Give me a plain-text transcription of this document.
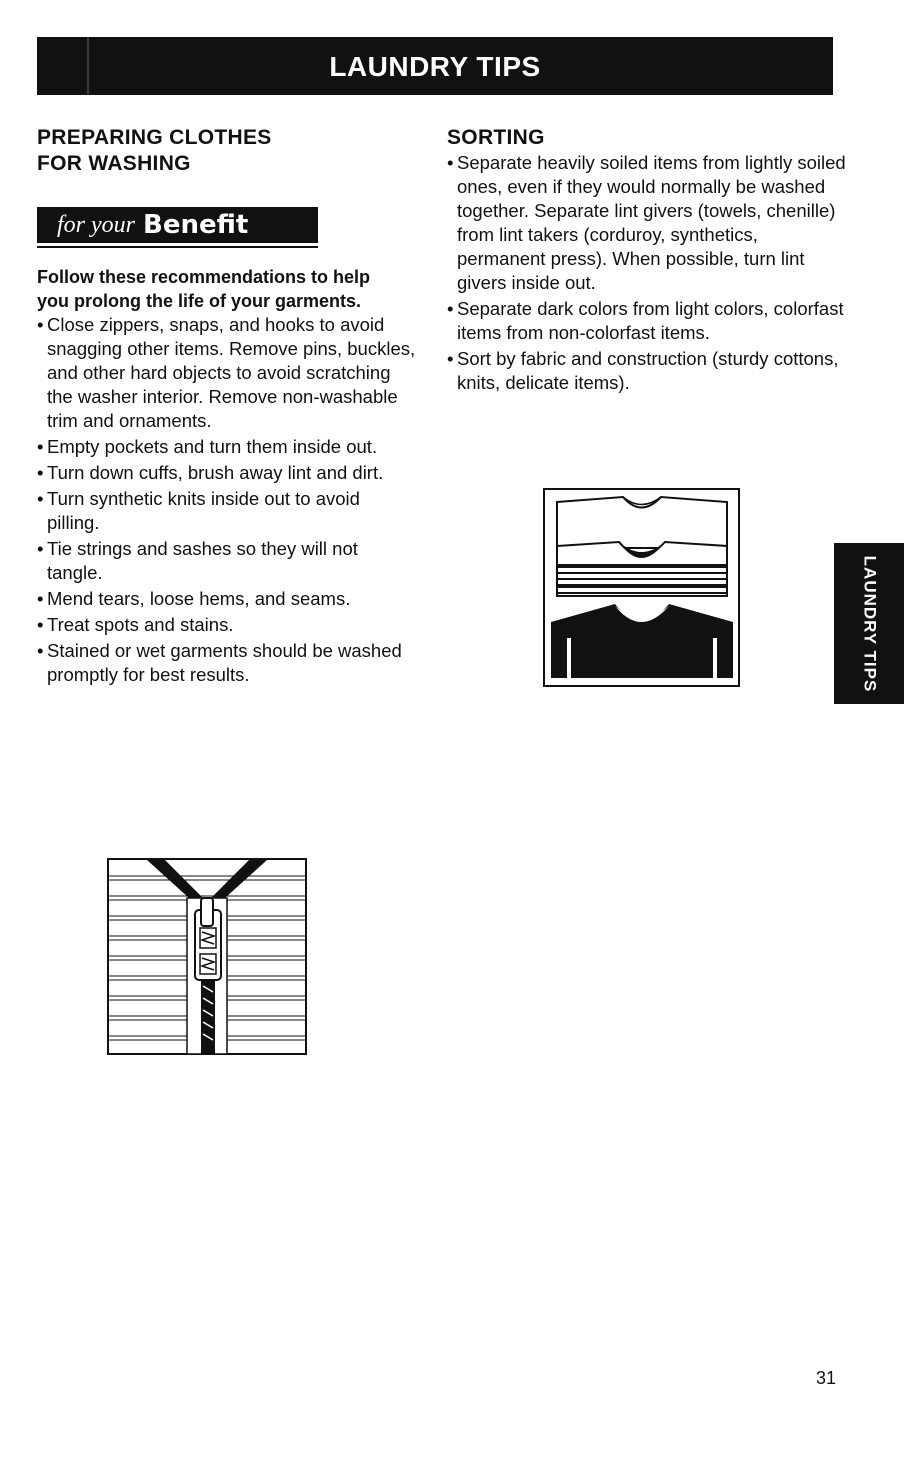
LAUNDRY TIPS
PREPARING CLOTHES
FOR WASHING
for your Benefit
Follow these recommendations to help you prolong the life of your garments.
• Close zippers, snaps, and hooks to avoid snagging other items. Remove pins, buckles, and other hard objects to avoid scratching the washer interior. Remove non-washable trim and ornaments.
• Empty pockets and turn them inside out.
• Turn down cuffs, brush away lint and dirt.
• Turn synthetic knits inside out to avoid pilling.
• Tie strings and sashes so they will not tangle.
• Mend tears, loose hems, and seams.
• Treat spots and stains.
• Stained or wet garments should be washed promptly for best results.
SORTING
• Separate heavily soiled items from lightly soiled ones, even if they would normally be washed together. Separate lint givers (towels, chenille) from lint takers (corduroy, synthetics, permanent press). When possible, turn lint givers inside out.
• Separate dark colors from light colors, colorfast items from non-colorfast items.
• Sort by fabric and construction (sturdy cottons, knits, delicate items).
LAUNDRY TIPS
31
